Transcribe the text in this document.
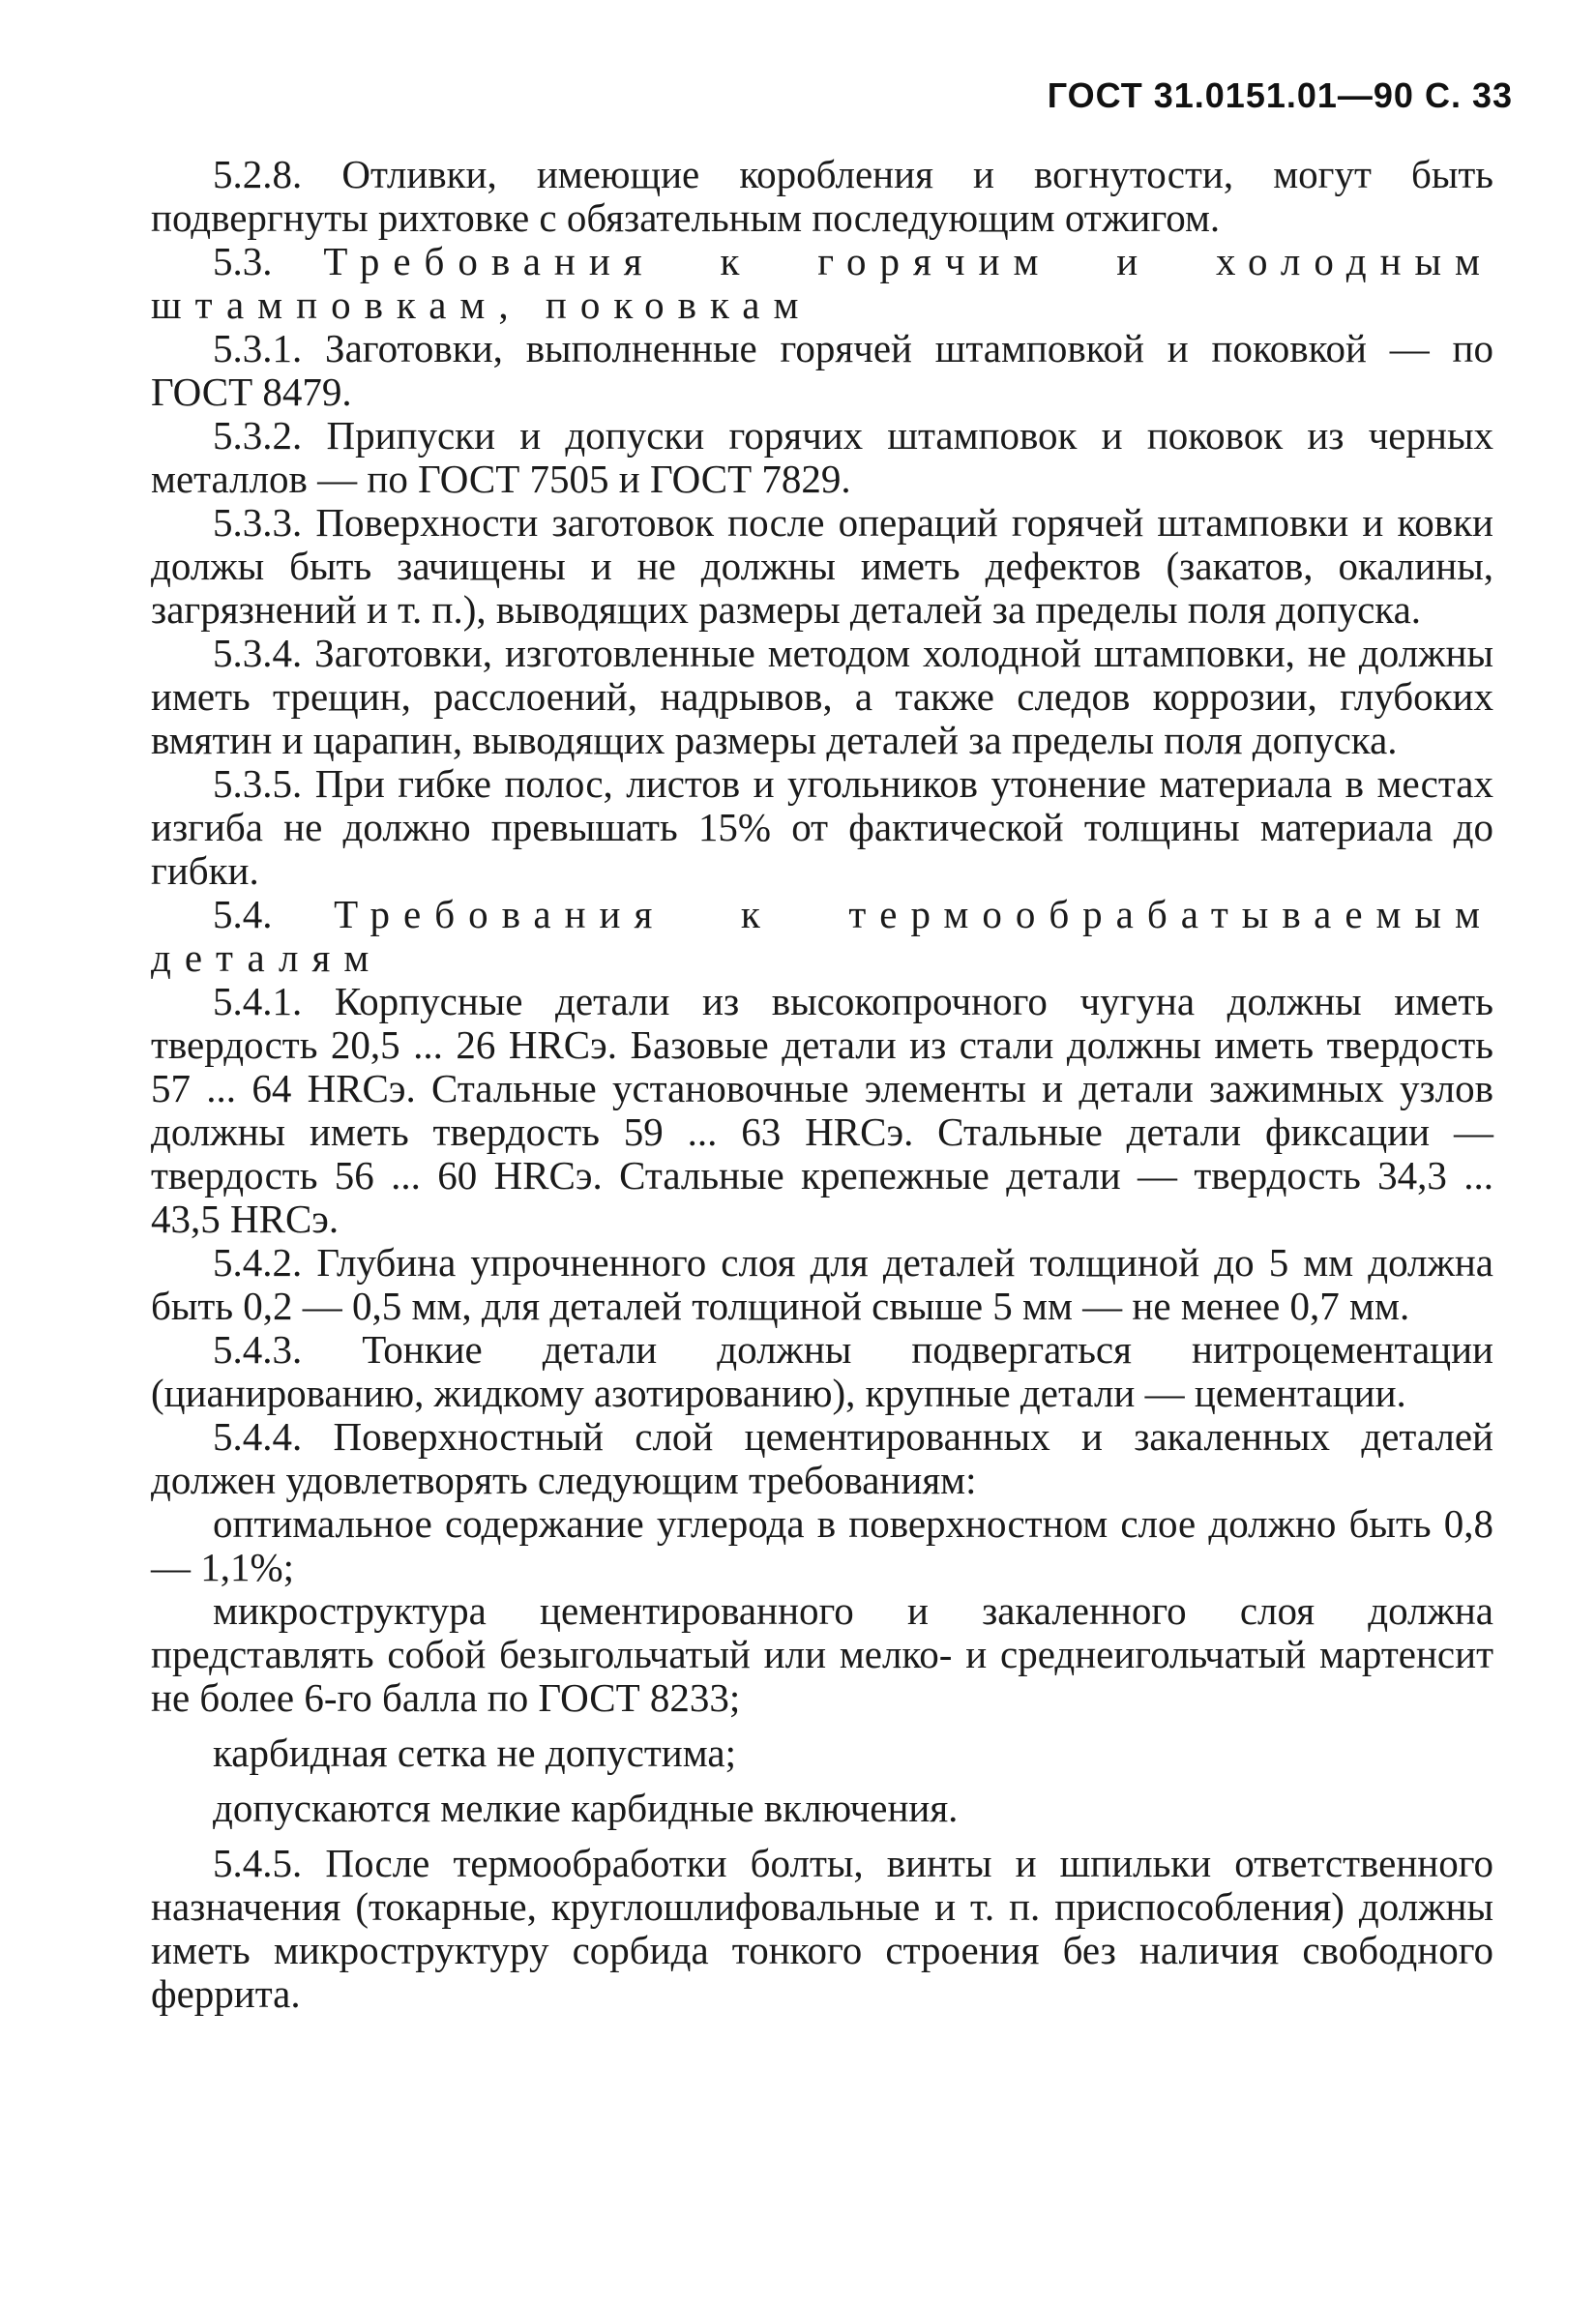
ГОСТ 31.0151.01—90 С. 33

5.2.8. Отливки, имеющие коробления и вогнутости, могут быть подвергнуты рихтовке с обязательным последующим отжигом.

5.3. Требования к горячим и холодным штамповкам, поковкам

5.3.1. Заготовки, выполненные горячей штамповкой и поковкой — по ГОСТ 8479.

5.3.2. Припуски и допуски горячих штамповок и поковок из черных металлов — по ГОСТ 7505 и ГОСТ 7829.

5.3.3. Поверхности заготовок после операций горячей штамповки и ковки должы быть зачищены и не должны иметь дефектов (закатов, окалины, загрязнений и т. п.), выводящих размеры деталей за пределы поля допуска.

5.3.4. Заготовки, изготовленные методом холодной штамповки, не должны иметь трещин, расслоений, надрывов, а также следов коррозии, глубоких вмятин и царапин, выводящих размеры деталей за пределы поля допуска.

5.3.5. При гибке полос, листов и угольников утонение материала в местах изгиба не должно превышать 15% от фактической толщины материала до гибки.

5.4. Требования к термообрабатываемым деталям

5.4.1. Корпусные детали из высокопрочного чугуна должны иметь твердость 20,5 ... 26 HRCэ. Базовые детали из стали должны иметь твердость 57 ... 64 HRCэ. Стальные установочные элементы и детали зажимных узлов должны иметь твердость 59 ... 63 HRCэ. Стальные детали фиксации — твердость 56 ... 60 HRCэ. Стальные крепежные детали — твердость 34,3 ... 43,5 HRCэ.

5.4.2. Глубина упрочненного слоя для деталей толщиной до 5 мм должна быть 0,2 — 0,5 мм, для деталей толщиной свыше 5 мм — не менее 0,7 мм.

5.4.3. Тонкие детали должны подвергаться нитроцементации (цианированию, жидкому азотированию), крупные детали — цементации.

5.4.4. Поверхностный слой цементированных и закаленных деталей должен удовлетворять следующим требованиям:

оптимальное содержание углерода в поверхностном слое должно быть 0,8 — 1,1%;

микроструктура цементированного и закаленного слоя должна представлять собой безыгольчатый или мелко- и среднеигольчатый мартенсит не более 6-го балла по ГОСТ 8233;

карбидная сетка не допустима;

допускаются мелкие карбидные включения.

5.4.5. После термообработки болты, винты и шпильки ответственного назначения (токарные, круглошлифовальные и т. п. приспособления) должны иметь микроструктуру сорбида тонкого строения без наличия свободного феррита.
